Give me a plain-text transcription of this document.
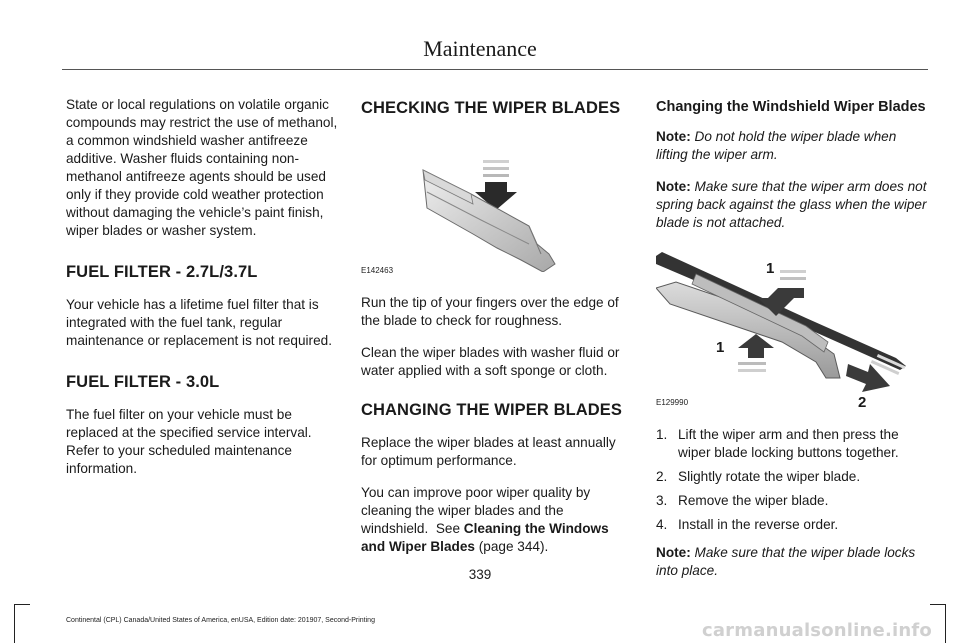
Maintenance

State or local regulations on volatile organic compounds may restrict the use of methanol, a common windshield washer antifreeze additive. Washer fluids containing non-methanol antifreeze agents should be used only if they provide cold weather protection without damaging the vehicle’s paint finish, wiper blades or washer system.

FUEL FILTER - 2.7L/3.7L

Your vehicle has a lifetime fuel filter that is integrated with the fuel tank, regular maintenance or replacement is not required.

FUEL FILTER - 3.0L

The fuel filter on your vehicle must be replaced at the specified service interval. Refer to your scheduled maintenance information.

CHECKING THE WIPER BLADES
E142463

Run the tip of your fingers over the edge of the blade to check for roughness.

Clean the wiper blades with washer fluid or water applied with a soft sponge or cloth.

CHANGING THE WIPER BLADES

Replace the wiper blades at least annually for optimum performance.

You can improve poor wiper quality by cleaning the wiper blades and the windshield. See Cleaning the Windows and Wiper Blades (page 344).

Changing the Windshield Wiper Blades

Note: Do not hold the wiper blade when lifting the wiper arm.

Note: Make sure that the wiper arm does not spring back against the glass when the wiper blade is not attached.

1
1
2
E129990
1. Lift the wiper arm and then press the wiper blade locking buttons together.
2. Slightly rotate the wiper blade.
3. Remove the wiper blade.
4. Install in the reverse order.

Note: Make sure that the wiper blade locks into place.

339
Continental (CPL) Canada/United States of America, enUSA, Edition date: 201907, Second-Printing	carmanualsonline.info
